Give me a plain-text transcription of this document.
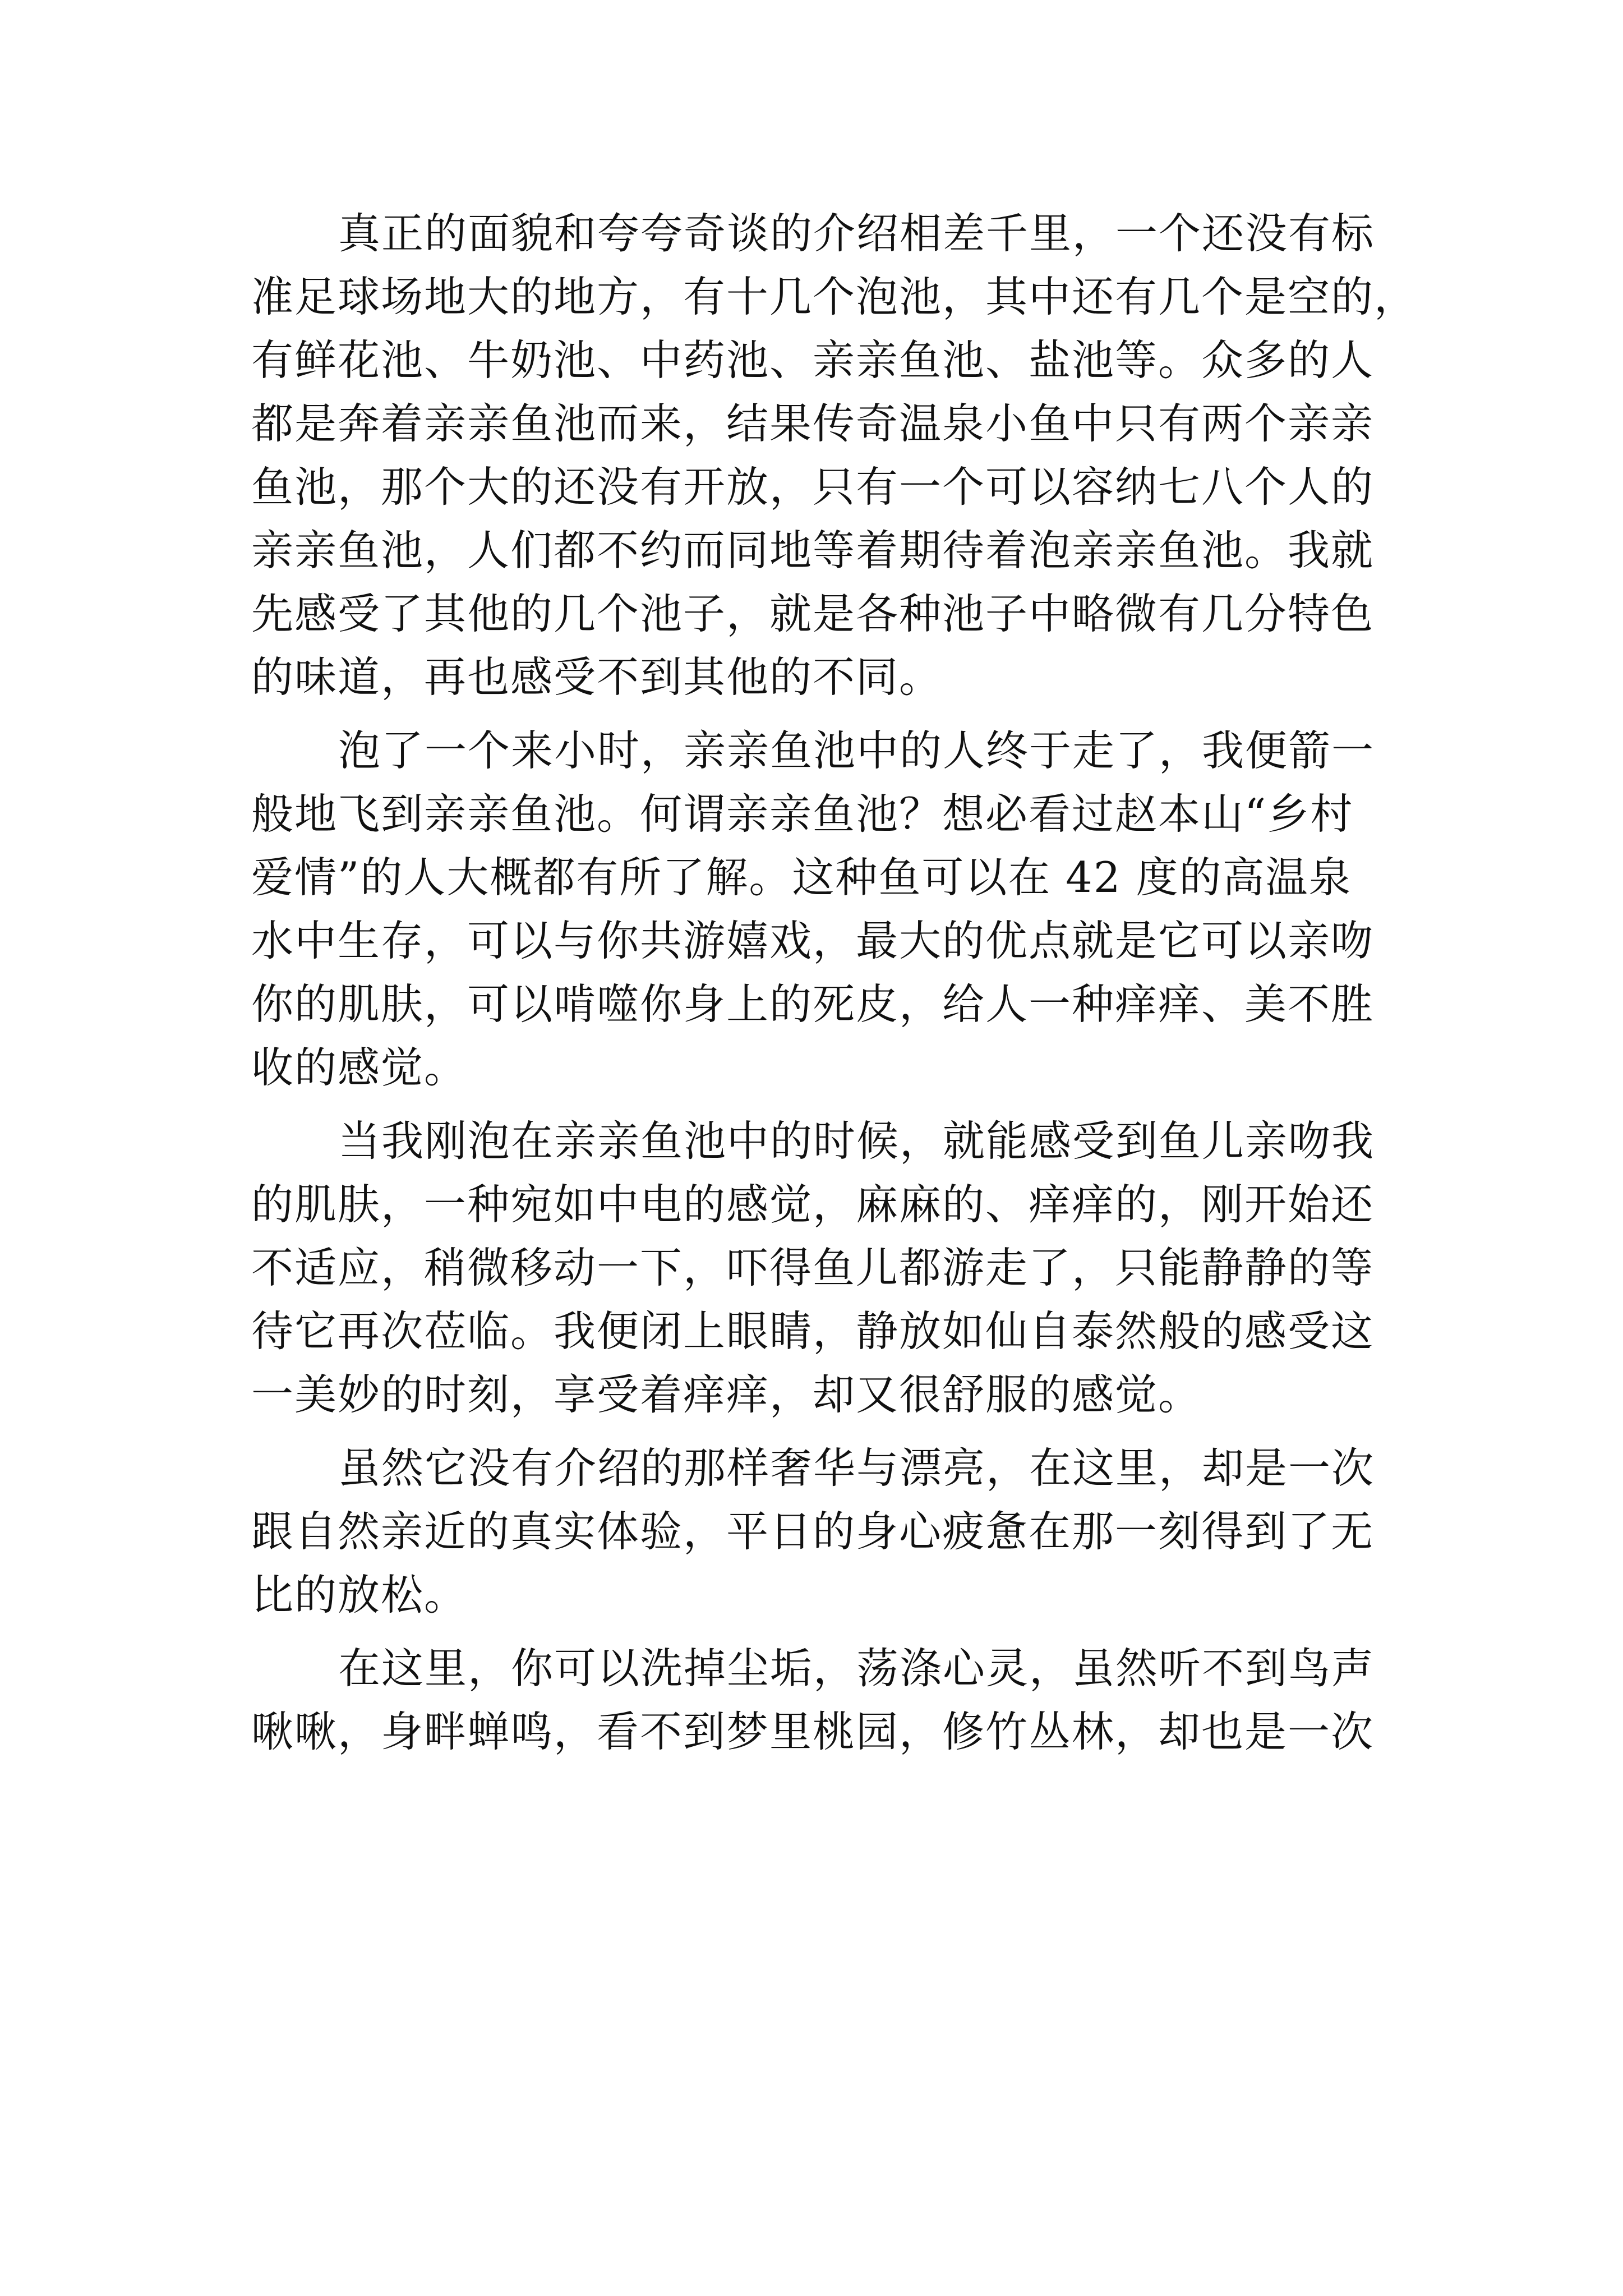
真正的面貌和夸夸奇谈的介绍相差千里，一个还没有标
准足球场地大的地方，有十几个泡池，其中还有几个是空的，
有鲜花池、牛奶池、中药池、亲亲鱼池、盐池等。众多的人
都是奔着亲亲鱼池而来，结果传奇温泉小鱼中只有两个亲亲
鱼池，那个大的还没有开放，只有一个可以容纳七八个人的
亲亲鱼池，人们都不约而同地等着期待着泡亲亲鱼池。我就
先感受了其他的几个池子，就是各种池子中略微有几分特色
的味道，再也感受不到其他的不同。
泡了一个来小时，亲亲鱼池中的人终于走了，我便箭一
般地飞到亲亲鱼池。何谓亲亲鱼池？想必看过赵本山“乡村
爱情”的人大概都有所了解。这种鱼可以在 42 度的高温泉
水中生存，可以与你共游嬉戏，最大的优点就是它可以亲吻
你的肌肤，可以啃噬你身上的死皮，给人一种痒痒、美不胜
收的感觉。
当我刚泡在亲亲鱼池中的时候，就能感受到鱼儿亲吻我
的肌肤，一种宛如中电的感觉，麻麻的、痒痒的，刚开始还
不适应，稍微移动一下，吓得鱼儿都游走了，只能静静的等
待它再次莅临。我便闭上眼睛，静放如仙自泰然般的感受这
一美妙的时刻，享受着痒痒，却又很舒服的感觉。
虽然它没有介绍的那样奢华与漂亮，在这里，却是一次
跟自然亲近的真实体验，平日的身心疲惫在那一刻得到了无
比的放松。
在这里，你可以洗掉尘垢，荡涤心灵，虽然听不到鸟声
啾啾，身畔蝉鸣，看不到梦里桃园，修竹丛林，却也是一次
